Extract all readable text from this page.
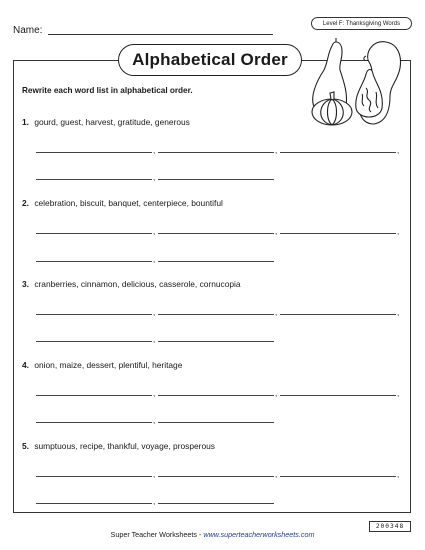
Name:
Level F: Thanksgiving Words
Alphabetical Order
Rewrite each word list in alphabetical order.
1. gourd, guest, harvest, gratitude, generous
,	,	,
,
2. celebration, biscuit, banquet, centerpiece, bountiful
,	,	,
,
3. cranberries, cinnamon, delicious, casserole, cornucopia
,	,	,
,
4. onion, maize, dessert, plentiful, heritage
,	,	,
,
5. sumptuous, recipe, thankful, voyage, prosperous
,	,	,
,
Super Teacher Worksheets - www.superteacherworksheets.com
200348
